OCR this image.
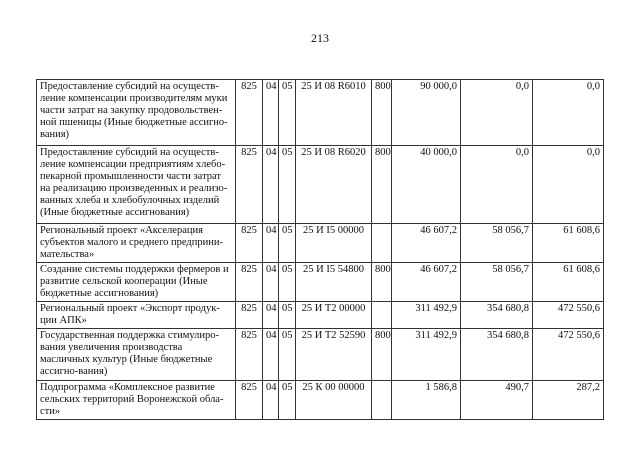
213
Предоставление субсидий на осуществ-ление компенсации производителям муки части затрат на закупку продовольствен-ной пшеницы (Иные бюджетные ассигно-вания)	825	04	05	25 И 08 R6010	800	90 000,0	0,0	0,0
Предоставление субсидий на осуществ-ление компенсации предприятиям хлебо-пекарной промышленности части затрат на реализацию произведенных и реализо-ванных хлеба и хлебобулочных изделий (Иные бюджетные ассигнования)	825	04	05	25 И 08 R6020	800	40 000,0	0,0	0,0
Региональный проект «Акселерация субъектов малого и среднего предприни-мательства»	825	04	05	25 И I5 00000		46 607,2	58 056,7	61 608,6
Создание системы поддержки фермеров и развитие сельской кооперации (Иные бюджетные ассигнования)	825	04	05	25 И I5 54800	800	46 607,2	58 056,7	61 608,6
Региональный проект «Экспорт продук-ции АПК»	825	04	05	25 И T2 00000		311 492,9	354 680,8	472 550,6
Государственная поддержка стимулиро-вания увеличения производства масличных культур (Иные бюджетные ассигно-вания)	825	04	05	25 И T2 52590	800	311 492,9	354 680,8	472 550,6
Подпрограмма «Комплексное развитие сельских территорий Воронежской обла-сти»	825	04	05	25 К 00 00000		1 586,8	490,7	287,2
